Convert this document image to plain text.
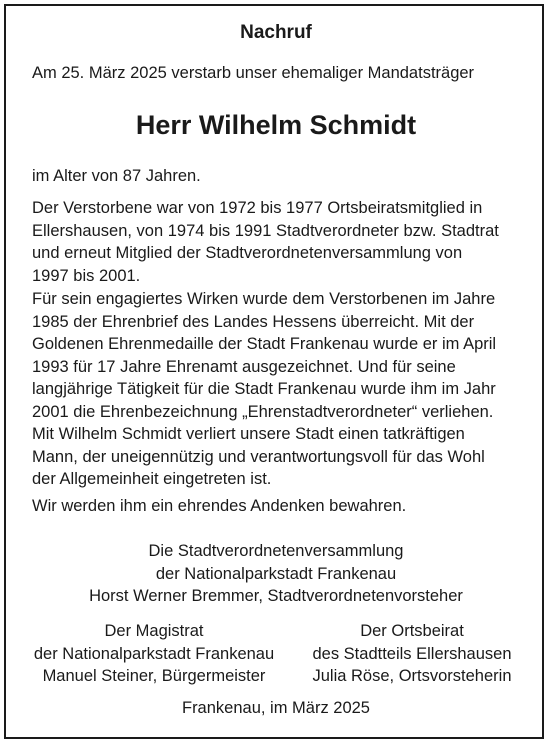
Nachruf
Am 25. März 2025 verstarb unser ehemaliger Mandatsträger
Herr Wilhelm Schmidt
im Alter von 87 Jahren.
Der Verstorbene war von 1972 bis 1977 Ortsbeiratsmitglied in
Ellershausen, von 1974 bis 1991 Stadtverordneter bzw. Stadtrat
und erneut Mitglied der Stadtverordnetenversammlung von
1997 bis 2001.
Für sein engagiertes Wirken wurde dem Verstorbenen im Jahre
1985 der Ehrenbrief des Landes Hessens überreicht. Mit der
Goldenen Ehrenmedaille der Stadt Frankenau wurde er im April
1993 für 17 Jahre Ehrenamt ausgezeichnet. Und für seine
langjährige Tätigkeit für die Stadt Frankenau wurde ihm im Jahr
2001 die Ehrenbezeichnung „Ehrenstadtverordneter“ verliehen.
Mit Wilhelm Schmidt verliert unsere Stadt einen tatkräftigen
Mann, der uneigennützig und verantwortungsvoll für das Wohl
der Allgemeinheit eingetreten ist.
Wir werden ihm ein ehrendes Andenken bewahren.
Die Stadtverordnetenversammlung
der Nationalparkstadt Frankenau
Horst Werner Bremmer, Stadtverordnetenvorsteher
Der Magistrat
der Nationalparkstadt Frankenau
Manuel Steiner, Bürgermeister
Der Ortsbeirat
des Stadtteils Ellershausen
Julia Röse, Ortsvorsteherin
Frankenau, im März 2025
